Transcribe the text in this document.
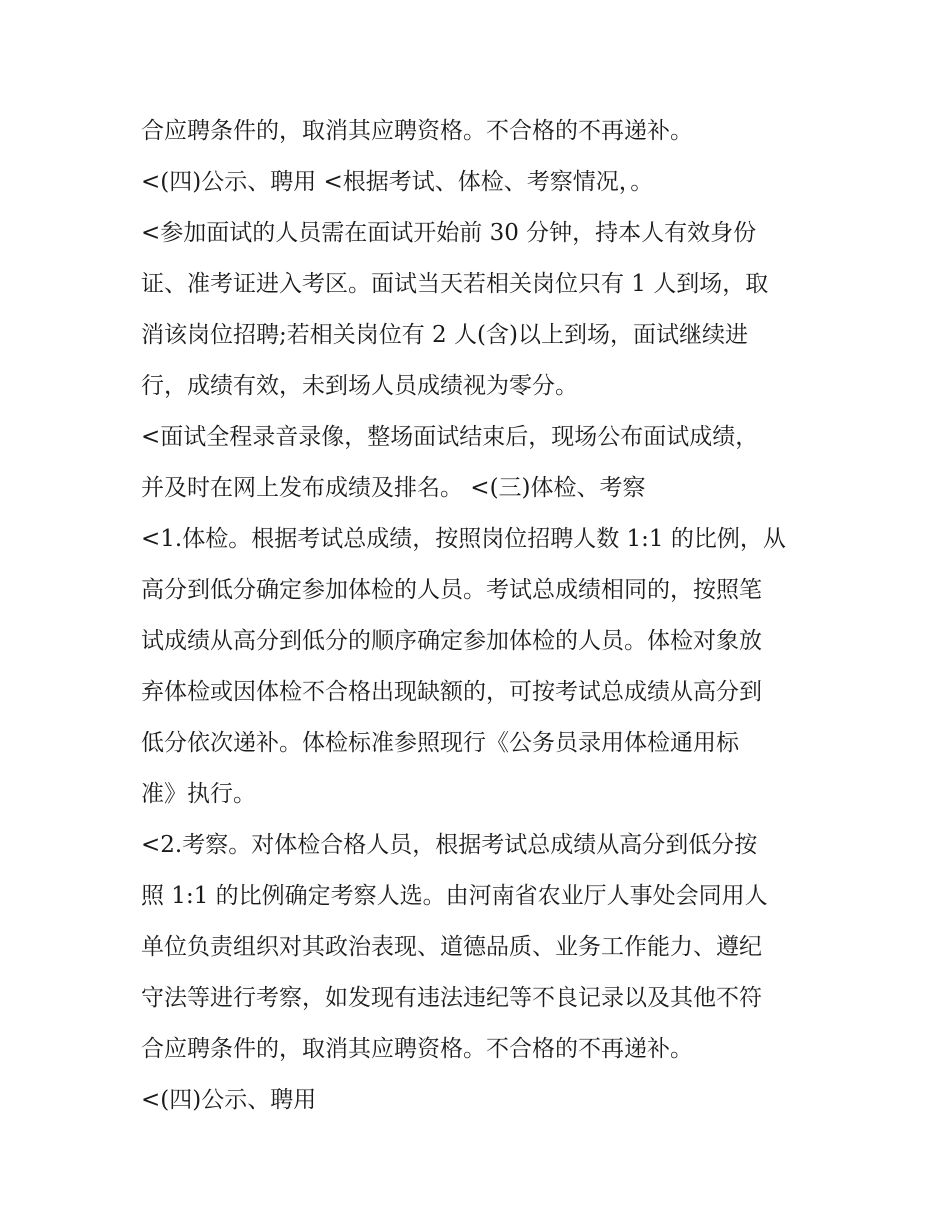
合应聘条件的，取消其应聘资格。不合格的不再递补。
<(四)公示、聘用 <根据考试、体检、考察情况，。
<参加面试的人员需在面试开始前 30 分钟，持本人有效身份
证、准考证进入考区。面试当天若相关岗位只有 1 人到场，取
消该岗位招聘;若相关岗位有 2 人(含)以上到场，面试继续进
行，成绩有效，未到场人员成绩视为零分。
<面试全程录音录像，整场面试结束后，现场公布面试成绩，
并及时在网上发布成绩及排名。 <(三)体检、考察
<1.体检。根据考试总成绩，按照岗位招聘人数 1:1 的比例，从
高分到低分确定参加体检的人员。考试总成绩相同的，按照笔
试成绩从高分到低分的顺序确定参加体检的人员。体检对象放
弃体检或因体检不合格出现缺额的，可按考试总成绩从高分到
低分依次递补。体检标准参照现行《公务员录用体检通用标
准》执行。
<2.考察。对体检合格人员，根据考试总成绩从高分到低分按
照 1:1 的比例确定考察人选。由河南省农业厅人事处会同用人
单位负责组织对其政治表现、道德品质、业务工作能力、遵纪
守法等进行考察，如发现有违法违纪等不良记录以及其他不符
合应聘条件的，取消其应聘资格。不合格的不再递补。
<(四)公示、聘用
